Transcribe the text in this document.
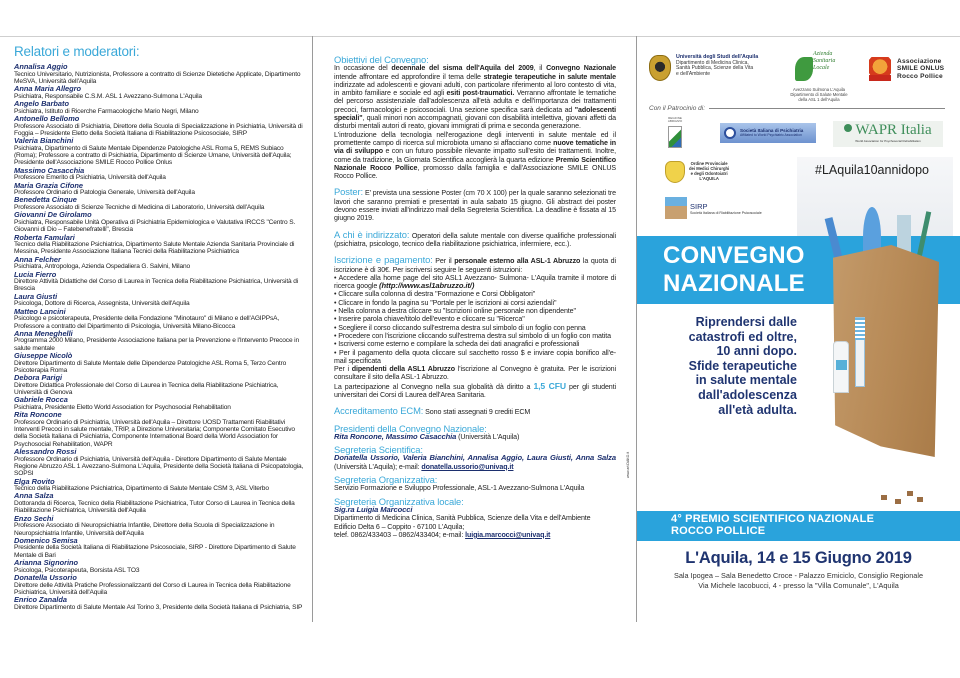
Relatori e moderatori:
Annalisa Aggio
Tecnico Universitario, Nutrizionista, Professore a contratto di Scienze Dietetiche Applicate, Dipartimento MeSVA, Università dell'Aquila
Anna Maria Allegro
Psichiatra, Responsabile C.S.M. ASL 1 Avezzano-Sulmona L'Aquila
Angelo Barbato
Psichiatra, Istituto di Ricerche Farmacologiche Mario Negri, Milano
Antonello Bellomo
Professore Associato di Psichiatria, Direttore della Scuola di Specializzazione in Psichiatria, Università di Foggia – Presidente Eletto della Società Italiana di Riabilitazione Psicosociale, SIRP
Valeria Bianchini
Psichiatra, Dipartimento di Salute Mentale Dipendenze Patologiche ASL Roma 5, REMS Subiaco (Roma); Professore a contratto di Psichiatria, Dipartimento di Scienze Umane, Università dell'Aquila; Presidente dell'Associazione SMILE Rocco Pollice Onlus
Massimo Casacchia
Professore Emerito di Psichiatria, Università dell'Aquila
Maria Grazia Cifone
Professore Ordinario di Patologia Generale, Università dell'Aquila
Benedetta Cinque
Professore Associato di Scienze Tecniche di Medicina di Laboratorio, Università dell'Aquila
Giovanni De Girolamo
Psichiatra, Responsabile Unità Operativa di Psichiatria Epidemiologica e Valutativa IRCCS "Centro S. Giovanni di Dio – Fatebenefratelli", Brescia
Roberta Famulari
Tecnico della Riabilitazione Psichiatrica, Dipartimento Salute Mentale Azienda Sanitaria Provinciale di Messina, Presidente Associazione Italiana Tecnici della Riabilitazione Psichiatrica
Anna Felcher
Psichiatra, Antropologa, Azienda Ospedaliera G. Salvini, Milano
Lucia Fierro
Direttore Attività Didattiche del Corso di Laurea in Tecnica della Riabilitazione Psichiatrica, Università di Brescia
Laura Giusti
Psicologa, Dottore di Ricerca, Assegnista, Università dell'Aquila
Matteo Lancini
Psicologo e psicoterapeuta, Presidente della Fondazione "Minotauro" di Milano e dell'AGIPPsA, Professore a contratto del Dipartimento di Psicologia, Università Milano-Bicocca
Anna Meneghelli
Programma 2000 Milano, Presidente Associazione Italiana per la Prevenzione e l'Intervento Precoce in salute mentale
Giuseppe Nicolò
Direttore Dipartimento di Salute Mentale delle Dipendenze Patologiche ASL Roma 5, Terzo Centro Psicoterapia Roma
Debora Parigi
Direttore Didattica Professionale del Corso di Laurea in Tecnica della Riabilitazione Psichiatrica, Università di Genova
Gabriele Rocca
Psichiatra, Presidente Eletto World Association for Psychosocial Rehabilitation
Rita Roncone
Professore Ordinario di Psichiatria, Università dell'Aquila – Direttore UOSD Trattamenti Riabilitativi Interventi Precoci in salute mentale, TRIP, a Direzione Universitaria; Componente Comitato Esecutivo della Società Italiana di Psichiatria, Componente International Board della World Association for Psychosocial Rehabilitation, WAPR
Alessandro Rossi
Professore Ordinario di Psichiatria, Università dell'Aquila - Direttore Dipartimento di Salute Mentale Regione Abruzzo ASL 1 Avezzano-Sulmona L'Aquila, Presidente della Società Italiana di Psicopatologia, SOPSI
Elga Rovito
Tecnico della Riabilitazione Psichiatrica, Dipartimento di Salute Mentale CSM 3, ASL Viterbo
Anna Salza
Dottoranda di Ricerca, Tecnico della Riabilitazione Psichiatrica, Tutor Corso di Laurea in Tecnica della Riabilitazione Psichiatrica, Università dell'Aquila
Enzo Sechi
Professore Associato di Neuropsichiatria Infantile, Direttore della Scuola di Specializzazione in Neuropsichiatria Infantile, Università dell'Aquila
Domenico Semisa
Presidente della Società Italiana di Riabilitazione Psicosociale, SIRP - Direttore Dipartimento di Salute Mentale di Bari
Arianna Signorino
Psicologa, Psicoterapeuta, Borsista ASL TO3
Donatella Ussorio
Direttore delle Attività Pratiche Professionalizzanti del Corso di Laurea in Tecnica della Riabilitazione Psichiatrica, Università dell'Aquila
Enrico Zanalda
Direttore Dipartimento di Salute Mentale Asl Torino 3, Presidente della Società Italiana di Psichiatria, SIP
Obiettivi del Convegno:

In occasione del decennale del sisma dell'Aquila del 2009, il Convegno Nazionale intende affrontare ed approfondire il tema delle strategie terapeutiche in salute mentale indirizzate ad adolescenti e giovani adulti, con particolare riferimento al loro contesto di vita, in ambito familiare e sociale ed agli esiti post-traumatici. Verranno affrontate le tematiche del percorso assistenziale dall'adolescenza all'età adulta e dell'importanza dei trattamenti precoci, farmacologici e psicosociali. Una sezione specifica sarà dedicata ad "adolescenti speciali", quali minori non accompagnati, giovani con disabilità intellettiva, giovani affetti da disturbi mentali autori di reato, giovani immigrati di prima e seconda generazione.

L'introduzione della tecnologia nell'erogazione degli interventi in salute mentale ed il promettente campo di ricerca sul microbiota umano si affacciano come nuove tematiche in via di sviluppo e con un futuro possibile rilevante impatto sull'esito dei trattamenti. Inoltre, come da tradizione, la Giornata Scientifica accoglierà la quarta edizione Premio Scientifico Nazionale Rocco Pollice, promosso dalla famiglia e dall'Associazione SMILE ONLUS Rocco Pollice.

Poster: E' prevista una sessione Poster (cm 70 X 100) per la quale saranno selezionati tre lavori che saranno premiati e presentati in aula sabato 15 giugno. Gli abstract dei poster devono essere inviati all'indirizzo mail della Segreteria Scientifica. La deadline è fissata al 15 giugno 2019.

A chi è indirizzato: Operatori della salute mentale con diverse qualifiche professionali (psichiatra, psicologo, tecnico della riabilitazione psichiatrica, infermiere, ecc.).

Iscrizione e pagamento: Per il personale esterno alla ASL-1 Abruzzo la quota di iscrizione è di 30€. Per iscriversi seguire le seguenti istruzioni:

• Accedere alla home page del sito ASL1 Avezzano- Sulmona- L'Aquila tramite il motore di ricerca google (http://www.asl1abruzzo.it/)
• Cliccare sulla colonna di destra "Formazione e Corsi Obbligatori"
• Cliccare in fondo la pagina su "Portale per le iscrizioni ai corsi aziendali"
• Nella colonna a destra cliccare su "Iscrizioni online personale non dipendente"
• Inserire parola chiave/titolo dell'evento e cliccare su "Ricerca"
• Scegliere il corso cliccando sull'estrema destra sul simbolo di un foglio con penna
• Procedere con l'iscrizione cliccando sull'estrema destra sul simbolo di un foglio con matita
• Iscriversi come esterno e compilare la scheda dei dati anagrafici e professionali
• Per il pagamento della quota cliccare sul sacchetto rosso $ e inviare copia bonifico all'e-mail specificata

Per i dipendenti della ASL1 Abruzzo l'iscrizione al Convegno è gratuita. Per le iscrizioni consultare il sito della ASL-1 Abruzzo.

La partecipazione al Convegno nella sua globalità dà diritto a 1,5 CFU per gli studenti universitari dei Corsi di Laurea dell'Area Sanitaria.

Accreditamento ECM: Sono stati assegnati 9 crediti ECM

Presidenti della Convegno Nazionale:

Rita Roncone, Massimo Casacchia (Università L'Aquila)

Segreteria Scientifica:

Donatella Ussorio, Valeria Bianchini, Annalisa Aggio, Laura Giusti, Anna Salza (Università L'Aquila); e-mail: donatella.ussorio@univaq.it

Segreteria Organizzativa:

Servizio Formazione e Sviluppo Professionale, ASL-1 Avezzano-Sulmona L'Aquila

Segreteria Organizzativa locale:
Sig.ra Luigia Marcocci

Dipartimento di Medicina Clinica, Sanità Pubblica, Scienze della Vita e dell'Ambiente

Edificio Delta 6 – Coppito - 67100 L'Aquila;

telef. 0862/433403 – 0862/433404; e-mail: luigia.marcocci@univaq.it

www.art.DAKO.it
Università degli Studi dell'Aquila
Dipartimento di Medicina Clinica,
Sanità Pubblica, Scienze della Vita
e dell'Ambiente
Azienda
Sanitaria
Locale
Avezzano Sulmona L'Aquila
Dipartimento di Salute Mentale
della ASL 1 dell'Aquila
Associazione
SMILE ONLUS
Rocco Pollice
Con il Patrocinio di:
REGIONE ABRUZZO
Società Italiana di Psichiatria
Affiliated to World Psychiatric Association	WAPR Italia
World Association for Psychosocial Rehabilitation
Ordine Provinciale
dei Medici Chirurghi
e degli Odontoiatri
L'AQUILA
SIRP
Società Italiana di Riabilitazione Psicosociale
#LAquila10annidopo
CONVEGNO
NAZIONALE
Riprendersi dalle
catastrofi ed oltre,
10 anni dopo.
Sfide terapeutiche
in salute mentale
dall'adolescenza
all'età adulta.
4° PREMIO SCIENTIFICO NAZIONALE
ROCCO POLLICE
L'Aquila, 14 e 15 Giugno 2019
Sala Ipogea – Sala Benedetto Croce - Palazzo Emiciclo, Consiglio Regionale
Via Michele Iacobucci, 4 - presso la "Villa Comunale", L'Aquila
